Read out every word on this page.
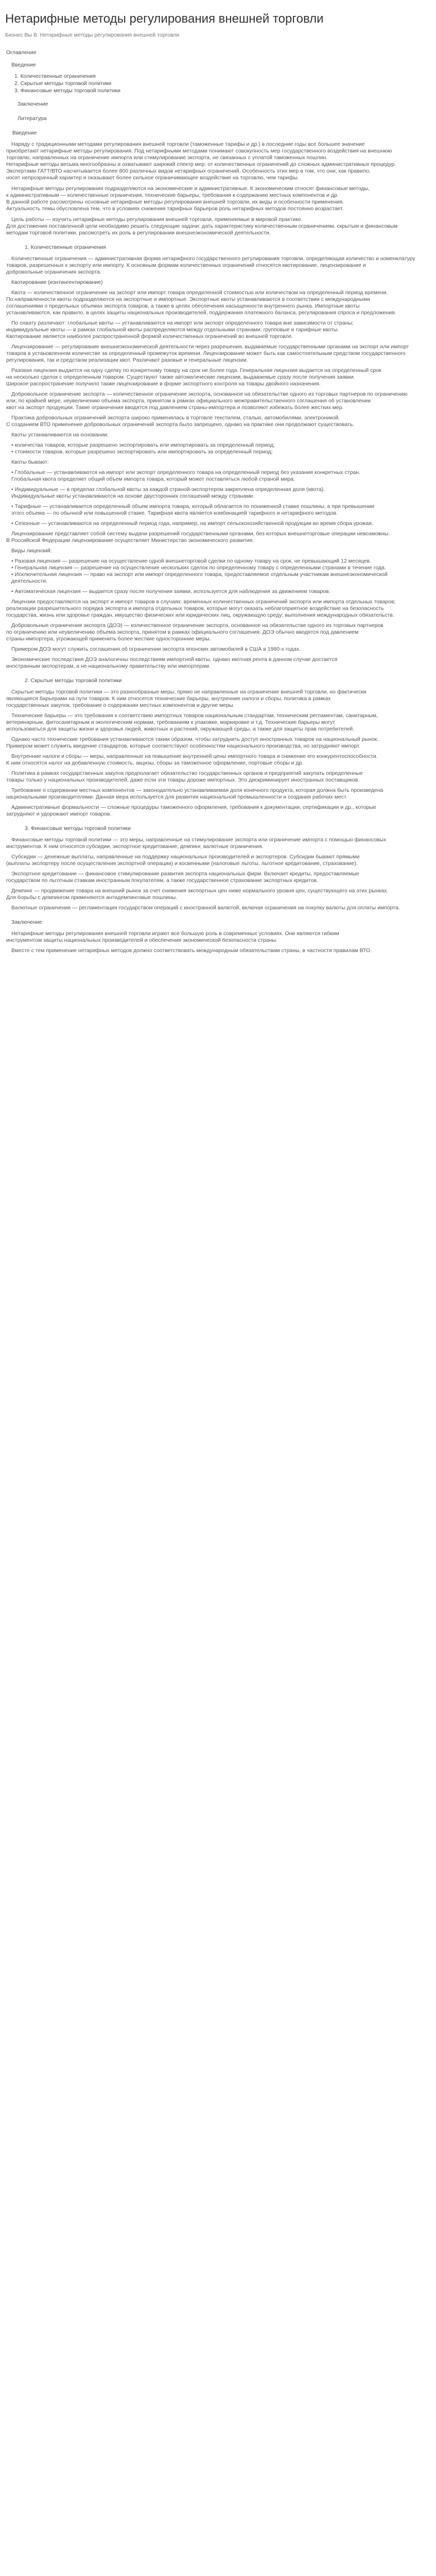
Нетарифные методы регулирования внешней торговли
Бизнес Вы В. Нетарифные методы регулирования внешней торговли
Оглавление
Введение
1. Количественные ограничения
2. Скрытые методы торговой политики
3. Финансовые методы торговой политики
Заключение
Литература
Введение
Наряду с традиционными методами регулирования внешней торговли (таможенные тарифы и др.) в последние годы все большее значение
приобретают нетарифные методы регулирования. Под нетарифными методами понимают совокупность мер государственного воздействия на внешнюю
торговлю, направленных на ограничение импорта или стимулирование экспорта, не связанных с уплатой таможенных пошлин.
Нетарифные методы весьма многообразны и охватывают широкий спектр мер: от количественных ограничений до сложных административных процедур.
Экспертами ГАТТ/ВТО насчитывается более 800 различных видов нетарифных ограничений. Особенность этих мер в том, что они, как правило,
носят непрозрачный характер и оказывают более сильное ограничивающее воздействие на торговлю, чем тарифы.
Нетарифные методы регулирования подразделяются на экономические и административные. К экономическим относят финансовые методы,
к административным — количественные ограничения, технические барьеры, требования к содержанию местных компонентов и др.
В данной работе рассмотрены основные нетарифные методы регулирования внешней торговли, их виды и особенности применения.
Актуальность темы обусловлена тем, что в условиях снижения тарифных барьеров роль нетарифных методов постоянно возрастает.
Цель работы — изучить нетарифные методы регулирования внешней торговли, применяемые в мировой практике.
Для достижения поставленной цели необходимо решить следующие задачи: дать характеристику количественным ограничениям, скрытым и финансовым
методам торговой политики, рассмотреть их роль в регулировании внешнеэкономической деятельности.
1. Количественные ограничения
Количественные ограничения — административная форма нетарифного государственного регулирования торговли, определяющая количество и номенклатуру
товаров, разрешенных к экспорту или импорту. К основным формам количественных ограничений относятся квотирование, лицензирование и
добровольные ограничения экспорта.
Квотирование (контингентирование)
Квота — количественное ограничение на экспорт или импорт товара определенной стоимостью или количеством на определенный период времени.
По направленности квоты подразделяются на экспортные и импортные. Экспортные квоты устанавливаются в соответствии с международными
соглашениями о предельных объемах экспорта товаров, а также в целях обеспечения насыщенности внутреннего рынка. Импортные квоты
устанавливаются, как правило, в целях защиты национальных производителей, поддержания платежного баланса, регулирования спроса и предложения.
По охвату различают: глобальные квоты — устанавливаются на импорт или экспорт определенного товара вне зависимости от страны;
индивидуальные квоты — в рамках глобальной квоты распределяются между отдельными странами; групповые и тарифные квоты.
Квотирование является наиболее распространенной формой количественных ограничений во внешней торговле.
Лицензирование — регулирование внешнеэкономической деятельности через разрешения, выдаваемые государственными органами на экспорт или импорт
товаров в установленном количестве за определенный промежуток времени. Лицензирование может быть как самостоятельным средством государственного
регулирования, так и средством реализации квот. Различают разовые и генеральные лицензии.
Разовая лицензия выдается на одну сделку по конкретному товару на срок не более года. Генеральная лицензия выдается на определенный срок
на несколько сделок с определенным товаром. Существуют также автоматические лицензии, выдаваемые сразу после получения заявки.
Широкое распространение получило также лицензирование в форме экспортного контроля на товары двойного назначения.
Добровольное ограничение экспорта — количественное ограничение экспорта, основанное на обязательстве одного из торговых партнеров по ограничению
или, по крайней мере, неувеличению объема экспорта, принятом в рамках официального межправительственного соглашения об установлении
квот на экспорт продукции. Такие ограничения вводятся под давлением страны-импортера и позволяют избежать более жестких мер.
Практика добровольных ограничений экспорта широко применялась в торговле текстилем, сталью, автомобилями, электроникой.
С созданием ВТО применение добровольных ограничений экспорта было запрещено, однако на практике они продолжают существовать.
Квоты устанавливаются на основании:
• количества товаров, которые разрешено экспортировать или импортировать за определенный период;
• стоимости товаров, которые разрешено экспортировать или импортировать за определенный период;
Квоты бывают:
• Глобальные — устанавливаются на импорт или экспорт определенного товара на определенный период без указания конкретных стран.
Глобальная квота определяет общий объем импорта товара, который может поставляться любой страной мира.
• Индивидуальные — в пределах глобальной квоты за каждой страной-экспортером закреплена определенная доля (квота).
Индивидуальные квоты устанавливаются на основе двусторонних соглашений между странами.
• Тарифные — устанавливается определенный объем импорта товара, который облагается по пониженной ставке пошлины, а при превышении
этого объема — по обычной или повышенной ставке. Тарифная квота является комбинацией тарифного и нетарифного методов.
• Сезонные — устанавливаются на определенный период года, например, на импорт сельскохозяйственной продукции во время сбора урожая.
Лицензирование представляет собой систему выдачи разрешений государственными органами, без которых внешнеторговые операции невозможны.
В Российской Федерации лицензирование осуществляет Министерство экономического развития.
Виды лицензий:
• Разовая лицензия — разрешение на осуществление одной внешнеторговой сделки по одному товару на срок, не превышающий 12 месяцев.
• Генеральная лицензия — разрешение на осуществление нескольких сделок по определенному товару с определенными странами в течение года.
• Исключительная лицензия — право на экспорт или импорт определенного товара, предоставляемое отдельным участникам внешнеэкономической
деятельности.
• Автоматическая лицензия — выдается сразу после получения заявки, используется для наблюдения за движением товаров.
Лицензии предоставляются на экспорт и импорт товаров в случаях: временных количественных ограничений экспорта или импорта отдельных товаров;
реализации разрешительного порядка экспорта и импорта отдельных товаров, которые могут оказать неблагоприятное воздействие на безопасность
государства, жизнь или здоровье граждан, имущество физических или юридических лиц, окружающую среду; выполнения международных обязательств.
Добровольные ограничения экспорта (ДОЭ) — количественное ограничение экспорта, основанное на обязательстве одного из торговых партнеров
по ограничению или неувеличению объема экспорта, принятом в рамках официального соглашения. ДОЭ обычно вводятся под давлением
страны-импортера, угрожающей применить более жесткие односторонние меры.
Примером ДОЭ могут служить соглашения об ограничении экспорта японских автомобилей в США в 1980-х годах.
Экономические последствия ДОЭ аналогичны последствиям импортной квоты, однако квотная рента в данном случае достается
иностранным экспортерам, а не национальному правительству или импортерам.
2. Скрытые методы торговой политики
Скрытые методы торговой политики — это разнообразные меры, прямо не направленные на ограничение внешней торговли, но фактически
являющиеся барьерами на пути товаров. К ним относятся технические барьеры, внутренние налоги и сборы, политика в рамках
государственных закупок, требование о содержании местных компонентов и другие меры.
Технические барьеры — это требования к соответствию импортных товаров национальным стандартам, техническим регламентам, санитарным,
ветеринарным, фитосанитарным и экологическим нормам, требованиям к упаковке, маркировке и т.д. Технические барьеры могут
использоваться для защиты жизни и здоровья людей, животных и растений, окружающей среды, а также для защиты прав потребителей.
Однако часто технические требования устанавливаются таким образом, чтобы затруднить доступ иностранных товаров на национальный рынок.
Примером может служить введение стандартов, которые соответствуют особенностям национального производства, но затрудняют импорт.
Внутренние налоги и сборы — меры, направленные на повышение внутренней цены импортного товара и снижение его конкурентоспособности.
К ним относятся налог на добавленную стоимость, акцизы, сборы за таможенное оформление, портовые сборы и др.
Политика в рамках государственных закупок предполагает обязательство государственных органов и предприятий закупать определенные
товары только у национальных производителей, даже если эти товары дороже импортных. Это дискриминирует иностранных поставщиков.
Требование о содержании местных компонентов — законодательно устанавливаемая доля конечного продукта, которая должна быть произведена
национальными производителями. Данная мера используется для развития национальной промышленности и создания рабочих мест.
Административные формальности — сложные процедуры таможенного оформления, требования к документации, сертификации и др., которые
затрудняют и удорожают импорт товаров.
3. Финансовые методы торговой политики
Финансовые методы торговой политики — это меры, направленные на стимулирование экспорта или ограничение импорта с помощью финансовых
инструментов. К ним относятся субсидии, экспортное кредитование, демпинг, валютные ограничения.
Субсидии — денежные выплаты, направленные на поддержку национальных производителей и экспортеров. Субсидии бывают прямыми
(выплаты экспортеру после осуществления экспортной операции) и косвенными (налоговые льготы, льготное кредитование, страхование).
Экспортное кредитование — финансовое стимулирование развития экспорта национальных фирм. Включает кредиты, предоставляемые
государством по льготным ставкам иностранным покупателям, а также государственное страхование экспортных кредитов.
Демпинг — продвижение товара на внешний рынок за счет снижения экспортных цен ниже нормального уровня цен, существующего на этих рынках.
Для борьбы с демпингом применяются антидемпинговые пошлины.
Валютные ограничения — регламентация государством операций с иностранной валютой, включая ограничения на покупку валюты для оплаты импорта.
Заключение
Нетарифные методы регулирования внешней торговли играют все большую роль в современных условиях. Они являются гибким
инструментом защиты национальных производителей и обеспечения экономической безопасности страны.
Вместе с тем применение нетарифных методов должно соответствовать международным обязательствам страны, в частности правилам ВТО.
